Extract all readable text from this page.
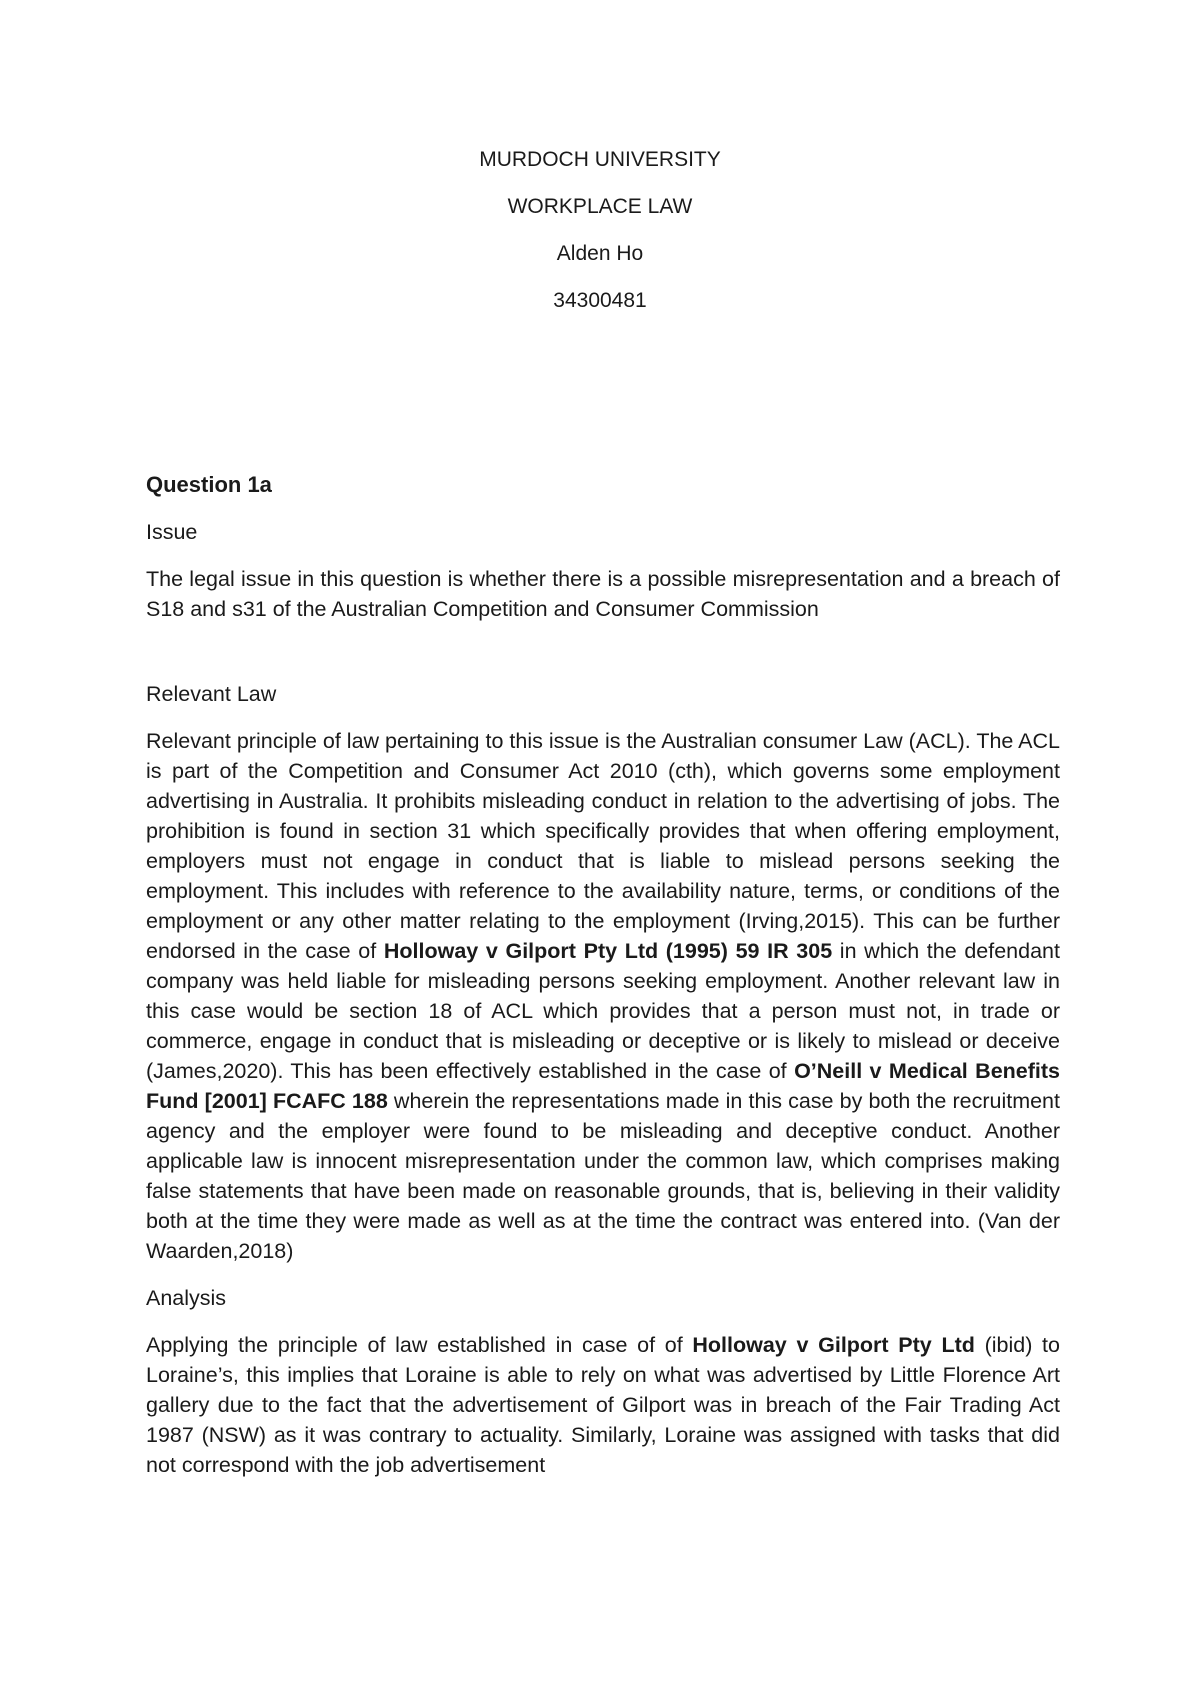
MURDOCH UNIVERSITY
WORKPLACE LAW
Alden Ho
34300481
Question 1a
Issue

The legal issue in this question is whether there is a possible misrepresentation and a breach of S18 and s31 of the Australian Competition and Consumer Commission

Relevant Law

Relevant principle of law pertaining to this issue is the Australian consumer Law (ACL). The ACL is part of the Competition and Consumer Act 2010 (cth), which governs some employment advertising in Australia. It prohibits misleading conduct in relation to the advertising of jobs. The prohibition is found in section 31 which specifically provides that when offering employment, employers must not engage in conduct that is liable to mislead persons seeking the employment. This includes with reference to the availability nature, terms, or conditions of the employment or any other matter relating to the employment (Irving,2015). This can be further endorsed in the case of Holloway v Gilport Pty Ltd (1995) 59 IR 305 in which the defendant company was held liable for misleading persons seeking employment. Another relevant law in this case would be section 18 of ACL which provides that a person must not, in trade or commerce, engage in conduct that is misleading or deceptive or is likely to mislead or deceive (James,2020). This has been effectively established in the case of O’Neill v Medical Benefits Fund [2001] FCAFC 188 wherein the representations made in this case by both the recruitment agency and the employer were found to be misleading and deceptive conduct. Another applicable law is innocent misrepresentation under the common law, which comprises making false statements that have been made on reasonable grounds, that is, believing in their validity both at the time they were made as well as at the time the contract was entered into. (Van der Waarden,2018)

Analysis

Applying the principle of law established in case of of Holloway v Gilport Pty Ltd (ibid) to Loraine’s, this implies that Loraine is able to rely on what was advertised by Little Florence Art gallery due to the fact that the advertisement of Gilport was in breach of the Fair Trading Act 1987 (NSW) as it was contrary to actuality. Similarly, Loraine was assigned with tasks that did not correspond with the job advertisement
